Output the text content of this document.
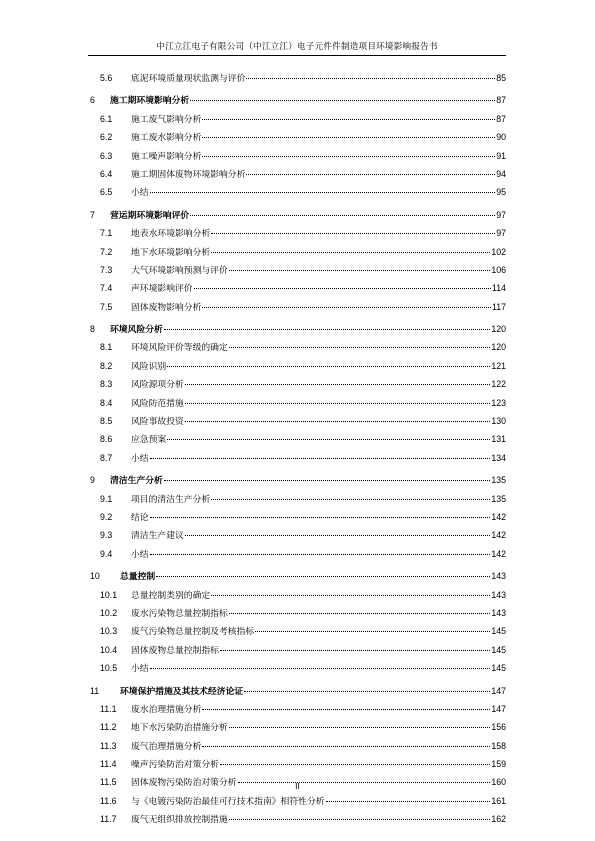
中江立江电子有限公司（中江立江）电子元件件制造项目环境影响报告书
5.6	底泥环境质量现状监测与评价	85
6	施工期环境影响分析	87
6.1	施工废气影响分析	87
6.2	施工废水影响分析	90
6.3	施工噪声影响分析	91
6.4	施工期固体废物环境影响分析	94
6.5	小结	95
7	营运期环境影响评价	97
7.1	地表水环境影响分析	97
7.2	地下水环境影响分析	102
7.3	大气环境影响预测与评价	106
7.4	声环境影响评价	114
7.5	固体废物影响分析	117
8	环境风险分析	120
8.1	环境风险评价等级的确定	120
8.2	风险识别	121
8.3	风险源项分析	122
8.4	风险防范措施	123
8.5	风险事故投资	130
8.6	应急预案	131
8.7	小结	134
9	清洁生产分析	135
9.1	项目的清洁生产分析	135
9.2	结论	142
9.3	清洁生产建议	142
9.4	小结	142
10	总量控制	143
10.1	总量控制类别的确定	143
10.2	废水污染物总量控制指标	143
10.3	废气污染物总量控制及考核指标	145
10.4	固体废物总量控制指标	145
10.5	小结	145
11	环境保护措施及其技术经济论证	147
11.1	废水治理措施分析	147
11.2	地下水污染防治措施分析	156
11.3	废气治理措施分析	158
11.4	噪声污染防治对策分析	159
11.5	固体废物污染防治对策分析	160
11.6	与《电镀污染防治最佳可行技术指南》相符性分析	161
11.7	废气无组织排放控制措施	162
II
